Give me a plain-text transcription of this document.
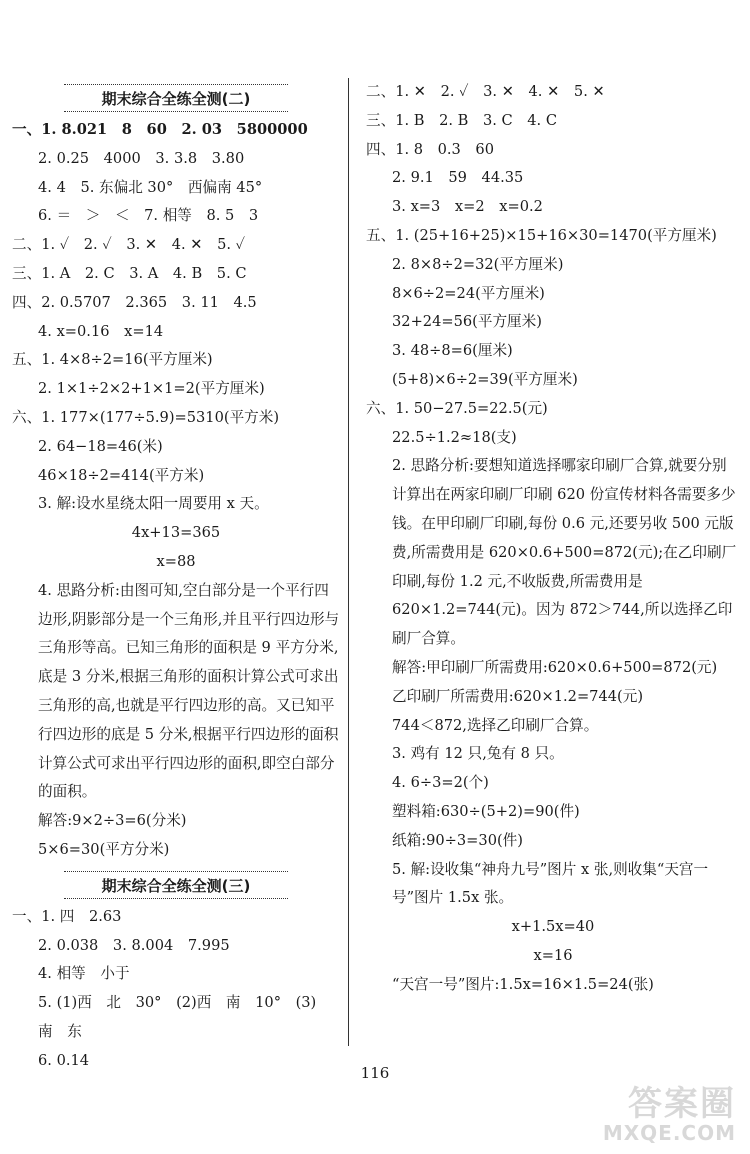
期末综合全练全测(二)
一、1. 8.021　8　60　2. 03　5800000
2. 0.25　4000　3. 3.8　3.80
4. 4　5. 东偏北 30°　西偏南 45°
6. ＝　＞　＜　7. 相等　8. 5　3
二、1. ✓　2. ✓　3. ✕　4. ✕　5. ✓
三、1. A　2. C　3. A　4. B　5. C
四、2. 0.5707　2.365　3. 11　4.5
4. x=0.16　x=14
五、1. 4×8÷2=16(平方厘米)
2. 1×1÷2×2+1×1=2(平方厘米)
六、1. 177×(177÷5.9)=5310(平方米)
2. 64−18=46(米)
46×18÷2=414(平方米)
3. 解:设水星绕太阳一周要用 x 天。
4x+13=365
x=88
4. 思路分析:由图可知,空白部分是一个平行四边形,阴影部分是一个三角形,并且平行四边形与三角形等高。已知三角形的面积是 9 平方分米,底是 3 分米,根据三角形的面积计算公式可求出三角形的高,也就是平行四边形的高。又已知平行四边形的底是 5 分米,根据平行四边形的面积计算公式可求出平行四边形的面积,即空白部分的面积。
解答:9×2÷3=6(分米)
5×6=30(平方分米)
期末综合全练全测(三)
一、1. 四　2.63
2. 0.038　3. 8.004　7.995
4. 相等　小于
5. (1)西　北　30°　(2)西　南　10°　(3)
南　东
6. 0.14
二、1. ✕　2. ✓　3. ✕　4. ✕　5. ✕
三、1. B　2. B　3. C　4. C
四、1. 8　0.3　60
2. 9.1　59　44.35
3. x=3　x=2　x=0.2
五、1. (25+16+25)×15+16×30=1470(平方厘米)
2. 8×8÷2=32(平方厘米)
8×6÷2=24(平方厘米)
32+24=56(平方厘米)
3. 48÷8=6(厘米)
(5+8)×6÷2=39(平方厘米)
六、1. 50−27.5=22.5(元)
22.5÷1.2≈18(支)
2. 思路分析:要想知道选择哪家印刷厂合算,就要分别计算出在两家印刷厂印刷 620 份宣传材料各需要多少钱。在甲印刷厂印刷,每份 0.6 元,还要另收 500 元版费,所需费用是 620×0.6+500=872(元);在乙印刷厂印刷,每份 1.2 元,不收版费,所需费用是 620×1.2=744(元)。因为 872＞744,所以选择乙印刷厂合算。
解答:甲印刷厂所需费用:620×0.6+500=872(元)
乙印刷厂所需费用:620×1.2=744(元)
744＜872,选择乙印刷厂合算。
3. 鸡有 12 只,兔有 8 只。
4. 6÷3=2(个)
塑料箱:630÷(5+2)=90(件)
纸箱:90÷3=30(件)
5. 解:设收集“神舟九号”图片 x 张,则收集“天宫一号”图片 1.5x 张。
x+1.5x=40
x=16
“天宫一号”图片:1.5x=16×1.5=24(张)
116
答案圈
MXQE.COM
